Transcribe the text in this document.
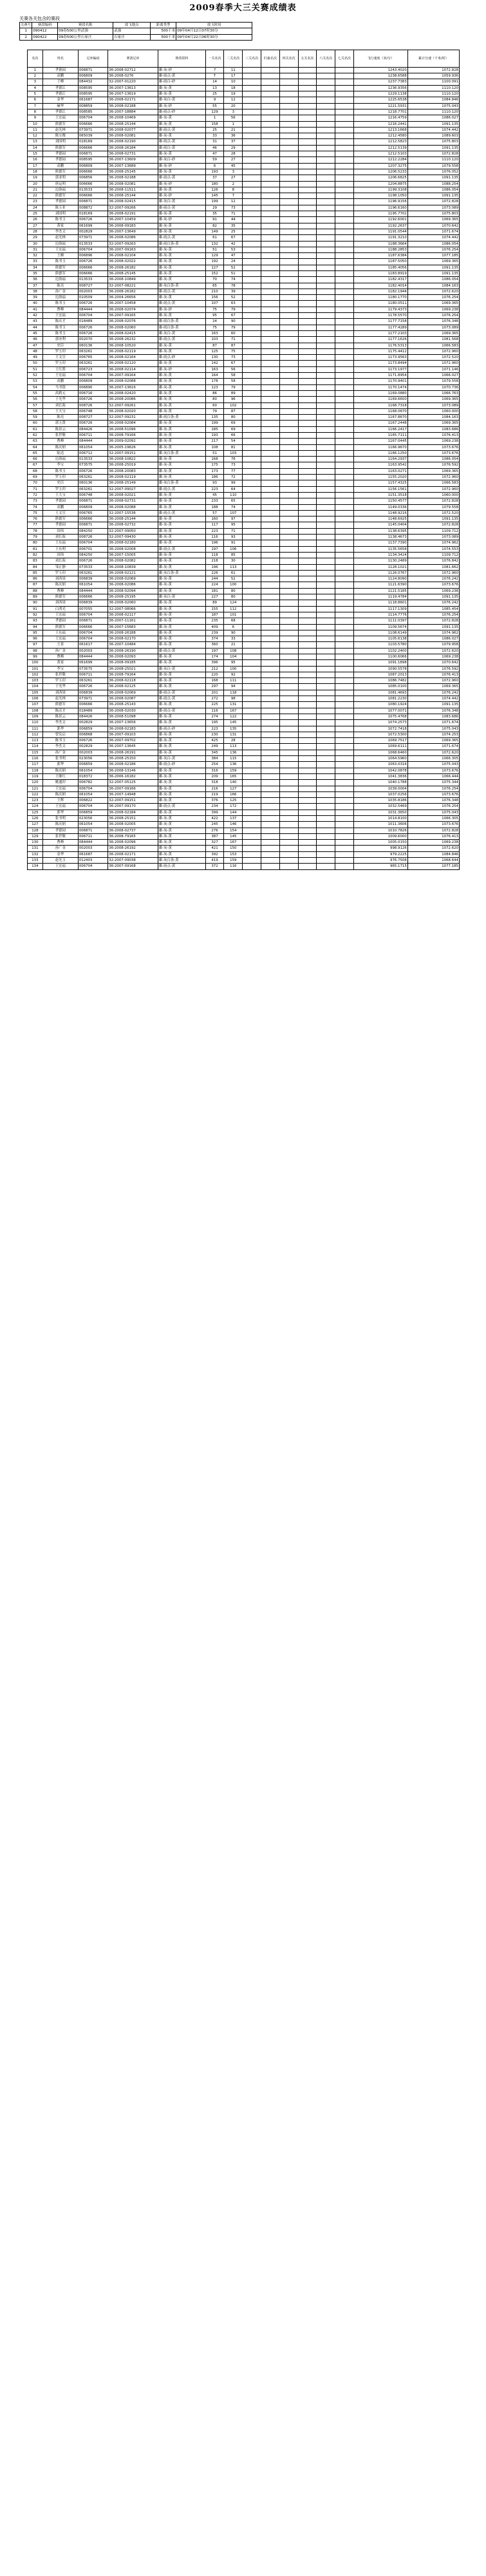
2009春季大三关赛成绩表
关赛各关包含的赛段
关赛号	赛段编码	赛段名称	放飞地点	距离类型	放飞时间
1	090412	09春500公里武强	武强	500千米	09年04月12日07时30分
2	090422	09春500公里石家庄	石家庄	500千米	09年04月22日06时30分
名次	姓名	足环编码	赛鸽足环	赛鸽资料	一关名次	二关名次	三关名次	归巢名次	四关名次	五关名次	六关名次	七关名次	飞行速度（米/分）	累计分速（千米/时）
1	孝德园	006871	36-2008-02712	雄-灰-砂	7	11							1243.4020	1072.828
2	高鹏	006809	36-2008-0276	雄-雨点-黄	T	17							1238.6588	1059.936
3	于峰	084432	32-2007-01220	雄-雨白-砂	14	10							1237.7383	1100.091
4	孝德江	008595	36-2007-13613	雄-灰-黄	13	18							1236.9356	1110.120
5	孝德江	008595	36-2007-13619	雄-灰-黄	25	19							1229.1138	1110.120
6	金华	061687	36-2008-02171	雄-灰白-黄	9	12							1225.6538	1084.846
7	赫华	008859	36-2008-02188	雄-灰-砂	55	20							1221.5931	1075.043
8	孝德江	008585	36-2007-18884	雄-雨点-砂	129	3							1218.7701	1110.120
9	王宏福	006704	36-2008-10469	雄-灰-黄	1	56							1216.4759	1086.027
10	熊德军	006666	36-2008-25144	雄-灰-黄	158	1							1216.2441	1091.135
11	赵光林	073971	36-2008-02077	雄-雨点-黄	25	21							1213.1668	1074.442
12	陈宝俊	065039	36-2008-02081	雄-灰-黄	33	36							1212.4580	1089.603
13	刘国明	018169	36-2008-02190	雄-雨点-黄	31	37							1212.5823	1075.803
14	熊德军	006666	36-2008-26184	雄-雨白-黄	46	29							1212.5139	1091.135
15	孝德园	006871	36-2008-02731	雄-灰-黄	47	28							1212.5103	1072.828
16	孝德园	008595	36-2007-13609	雄-灰白-砂	59	27							1212.2284	1110.120
17	高鹏	006809	36-2007-13689	雄-灰-砂	6	45							1207.3275	1079.558
18	熊德军	006666	36-2008-25145	雄-灰-黄	193	3							1206.5233	1076.052
19	郭亚明	006856	36-2008-02188	雄-雨点-黄	37	27							1206.6825	1091.135
20	唐运明	006666	36-2008-02081	雄-灰-砂	180	2							1204.8875	1088.254
21	边洛福	013533	36-2008-11511	雄-灰-黄	126	8							1199.3108	1086.054
22	熊德军	006666	36-2008-25144	雄-灰-砂	145	7							1198.1050	1091.135
23	孝德园	006871	36-2008-02415	雄-灰白-黄	199	12							1196.9156	1072.828
24	陈玉业	008872	32-2007-09266	雄-雨点-黄	29	73							1196.6160	1073.089
25	刘国明	018169	36-2008-02191	雄-灰-黄	35	71							1195.7702	1075.803
26	陈书玉	006726	36-2007-10459	雄-灰-砂	91	44							1192.6001	1069.365
27	黄家	061699	36-2008-09183	雄-灰-黄	82	35							1192.2637	1070.642
28	李杰文	002829	36-2007-13649	雄-灰-黄	149	25							1191.0544	1071.674
29	赵光林	073971	36-2008-02086	雄-雨点-黄	61	67							1191.3210	1074.442
30	边洛福	013533	32-2007-09263	雄-雨白条-黄	132	42							1188.3664	1086.054
31	王宏福	006704	36-2007-09163	雄-灰-黄	51	53							1188.2853	1076.254
32	王蜂	006896	36-2008-02104	雄-灰-黄	129	47							1187.6384	1077.185
33	陈书玉	006726	36-2008-02022	雄-灰-黄	192	24							1187.5050	1069.365
34	熊德军	006666	36-2008-26182	雄-灰-黄	127	52							1185.4056	1091.135
35	熊德军	006666	36-2008-25145	雄-灰-黄	152	51							1183.8919	1091.135
36	边洛福	013533	36-2008-10849	雄-灰-黄	70	74							1182.4317	1086.054
37	陈亮	008727	32-2007-08221	雄-灰白条-黄	65	78							1182.4014	1084.163
38	孙广金	002003	36-2008-26182	雄-雨点-黄	210	39							1182.1944	1072.620
39	边洛福	010509	36-2004-26656	雄-灰-黄	156	52							1180.1770	1076.254
40	陈书玉	006726	36-2007-10458	雄-雨点-黄	107	63							1180.0511	1069.365
41	曹峰	084444	36-2008-02074	雄-灰-砂	75	79							1179.4373	1069.238
42	王宏福	006704	36-2007-09165	雄-灰-黄	95	67							1178.5570	1076.254
43	陈庆才	018489	36-2008-02076	雄-雨白条-黄	24	90							1177.7158	1076.348
44	陈书玉	006726	36-2008-02060	雄-雨白条-黄	75	79							1177.4289	1073.089
45	陈书玉	006726	36-2008-02415	雄-灰白-黄	163	60							1177.2103	1069.365
46	郭亦利	002070	36-2008-26232	雄-雨点-黄	103	71							1177.1626	1081.568
47	史臣	060136	36-2008-10520	雄-灰-黄	87	87							1176.5313	1066.583
48	罗玉印	063261	36-2008-02119	雄-灰-黄	125	75							1175.4412	1072.960
49	王文宣	006765	36-2008-02164	雄-雨点-砂	130	73							1173.9563	1072.520
50	罗玉印	063261	36-2008-02120	雄-灰-黄	142	67							1173.8494	1072.960
51	王红胜	006723	36-2008-02114	雄-灰-砂	163	56							1173.1977	1071.146
52	王宏福	006704	36-2007-09164	雄-灰-黄	164	58							1171.8954	1066.027
53	高鹏	006809	36-2008-02088	雄-灰-黄	178	58							1170.9401	1079.558
54	马书银	006890	36-2007-13616	雄-灰-黄	123	79							1170.1474	1070.736
55	高莉元	006716	36-2008-02420	雄-灰-黄	86	89							1169.0880	1066.763
56	于光华	006726	36-2008-20086	雄-灰-黄	80	96							1169.6600	1069.365
57	刘长海	008726	32-2007-09261	雄-灰-黄	60	102							1168.7318	1073.089
58	王天宝	006748	36-2008-02020	雄-灰-黄	79	87							1168.0670	1060.000
59	陈亮	008727	32-2007-09231	雄-雨白条-黄	135	80							1167.8670	1084.163
60	郭玉贤	006726	36-2008-02084	雄-灰-黄	199	69							1167.2448	1069.365
61	陈景云	084426	36-2008-51096	雄-灰-黄	185	69							1166.2417	1083.686
62	张世敬	006711	36-2008-79166	雄-灰-黄	193	66							1165.7111	1076.413
63	曹峰	084444	36-2009-02092	雄-灰-黄	217	54							1167.0445	1069.238
64	陈庆炳	061054	36-2005-19626	雄-灰-黄	108	81							1166.9670	1073.676
65	陆达	006712	32-2007-09151	雄-灰白条-黄	51	103							1166.1250	1073.676
66	边洛福	013533	36-2008-10822	雄-灰-黄	168	76							1164.2937	1086.054
67	李宝	073575	36-2008-25019	雄-灰-黄	175	73							1163.9542	1076.592
68	陈书玉	006726	36-2008-20083	雄-灰-黄	173	77							1163.0271	1069.365
69	罗玉印	063261	36-2008-02119	雄-灰-黄	186	72							1155.2020	1072.960
70	史臣	060136	36-2008-25149	雄-灰白条-黄	93	99							1157.4325	1066.583
71	罗玉印	063261	32-2007-09027	雄-雨点-黄	223	64							1156.1561	1072.960
72	王大宝	006748	36-2008-02021	雄-灰-黄	45	110							1151.3518	1060.000
73	孝德园	006871	36-2008-02731	雄-灰-黄	233	65							1150.4577	1072.828
74	高鹏	006809	36-2008-02088	雄-灰-黄	188	74							1149.0336	1079.558
75	王文宣	006765	32-2007-15536	雄-雨点-黄	57	107							1148.9216	1072.520
76	熊德军	006666	36-2008-25144	雄-灰-黄	160	97							1148.6925	1091.135
77	孝德园	006871	36-2008-02732	雄-灰-黄	117	95							1145.0404	1072.828
78	国伟	084250	32-2007-09050	雄-灰-黄	223	71							1138.6395	1109.712
79	刘长海	008726	32-2007-09430	雄-灰-黄	116	93							1138.4673	1073.089
80	王东福	006704	36-2008-02180	雄-灰-黄	196	91							1137.7390	1074.962
81	王东明	006701	36-2008-02008	雄-雨点-黄	197	106							1135.5658	1074.553
82	国伟	084250	36-2007-15005	雄-灰-黄	118	85							1134.3424	1109.712
83	刘长海	006726	36-2008-02082	雄-灰-黄	218	30							1130.2489	1076.842
84	邹正静	073533	36-2008-10839	雄-灰-黄	196	113							1128.1021	1081.662
85	罗玉印	063261	36-2008-02121	雄-灰白条-黄	226	61							1126.0767	1072.960
86	刘西周	006839	36-2008-02069	雄-灰-黄	244	52							1124.8090	1076.242
87	陈庆炳	061054	36-2008-02086	雄-灰-黄	224	100							1121.6390	1073.676
88	曹峰	084444	36-2008-02094	雄-灰-黄	181	80							1121.5185	1069.238
89	熊德军	006666	36-2008-25195	雄-灰白-黄	227	80							1119.4784	1091.135
90	刘西周	006839	36-2008-02060	雄-灰-黄	89	124							1118.8601	1076.242
91	白鸿光	007055	32-2007-08066	雄-灰-黄	155	112							1117.1309	1085.454
92	王宏福	006704	36-2008-02117	雄-灰-黄	187	101							1114.7776	1076.254
93	孝德园	006871	36-2007-11161	雄-灰-黄	235	68							1111.0397	1072.828
94	熊德军	006666	36-2007-15683	雄-灰-黄	409	6							1109.5674	1091.135
95	王东福	006704	36-2008-26188	雄-灰-黄	239	90							1108.6149	1074.962
96	王宏福	006704	36-2008-02170	雄-灰-黄	374	33							1105.6138	1086.027
97	王景	061617	36-2007-10484	雄-灰-黄	360	21							1103.5780	1079.958
98	孙广金	002003	36-2008-26190	雄-雨点-黄	197	108							1102.2400	1072.620
99	曹峰	084444	36-2008-02093	雄-灰-黄	174	104							1100.6066	1069.238
100	黄家	061699	36-2008-09185	雄-灰-黄	396	95							1091.1898	1070.642
101	李宝	073575	36-2008-25021	雄-灰白-黄	212	100							1090.5578	1076.592
102	张世敬	006711	36-2008-79164	雄-灰-黄	220	92							1087.2013	1076.413
103	罗玉印	063261	36-2008-02118	雄-灰-黄	168	111							1086.7482	1072.960
104	于光华	006726	36-2008-02125	雄-灰-黄	297	94							1085.0100	1069.365
105	刘西周	006839	36-2008-02069	雄-雨点-黄	201	118							1081.4693	1076.242
106	赵光林	073971	36-2008-02087	雄-雨点-黄	272	98							1081.2230	1074.442
107	熊德军	006666	36-2008-25143	雄-灰-黄	225	131							1080.1924	1091.135
108	陈庆才	018489	36-2008-02030	雄-雨点-黄	116	167							1077.0071	1076.348
109	陈景云	084426	36-2008-51098	雄-灰-黄	274	122							1075.4768	1083.686
110	李杰文	002829	36-2007-13656	雄-灰-黄	195	145							1074.2573	1071.674
111	郭华	006859	36-2008-02183	雄-雨点-砂	223	135							1072.7418	1075.043
112	曾宪启	006868	36-2007-09103	雄-灰-黄	230	131							1072.5300	1074.253
113	陈书玉	006726	36-2007-09702	雄-灰-黄	425	28							1069.7517	1069.365
114	李杰文	002829	36-2007-13645	雄-灰-黄	249	113							1069.6111	1071.674
115	孙广金	002003	36-2008-26191	雄-灰-黄	345	136							1068.6460	1072.620
116	张书明	023056	36-2008-25150	雄-灰白-黄	384	115							1064.5960	1066.305
117	郭华	006859	36-2008-02186	雄-雨点-砂	254	136							1063.0316	1075.043
118	陈庆炳	061054	36-2008-13146	雄-灰-黄	316	159							1042.0878	1073.676
119	王继红	018372	36-2006-16182	雄-灰-黄	209	165							1041.3836	1066.444
120	姚通印	006782	32-2007-05125	雄-灰-黄	318	140							1040.1788	1075.344
121	王宏福	006704	36-2007-09166	雄-灰-黄	216	127							1039.0004	1076.254
122	陈庆炳	061054	36-2007-14948	雄-灰-黄	219	166							1037.0256	1073.676
123	王辉	006822	32-2007-09151	雄-灰-黄	376	125							1035.8186	1076.348
124	王宏福	006704	36-2007-09170	雄-雨点-黄	234	172							1032.5469	1076.254
125	郭华	006859	36-2008-02184	雄-灰-黄	399	144							1031.3650	1075.043
126	张书明	023056	36-2008-25151	雄-灰-黄	422	137							1014.8100	1066.305
127	陈庆炳	061054	36-2008-02005	雄-灰-黄	245	146							1011.3606	1073.676
128	孝德园	006871	36-2008-02737	雄-灰-黄	276	154							1010.7826	1072.828
129	张世敬	006711	36-2008-79165	雄-灰-黄	387	145							1009.6000	1076.413
130	曹峰	084444	36-2008-02096	雄-灰-黄	327	167							1005.0150	1069.238
131	孙广金	002003	36-2008-26192	雄-灰-黄	421	150							998.9126	1072.620
132	金华	061687	36-2008-02171	雄-灰-黄	392	153							979.2225	1084.846
133	赵光玉	012403	32-2007-09038	雄-灰白条-黄	419	159							976.7508	1068.644
134	王宏福	006704	36-2007-09168	雄-雨点-黄	372	116							965.1715	1077.185
